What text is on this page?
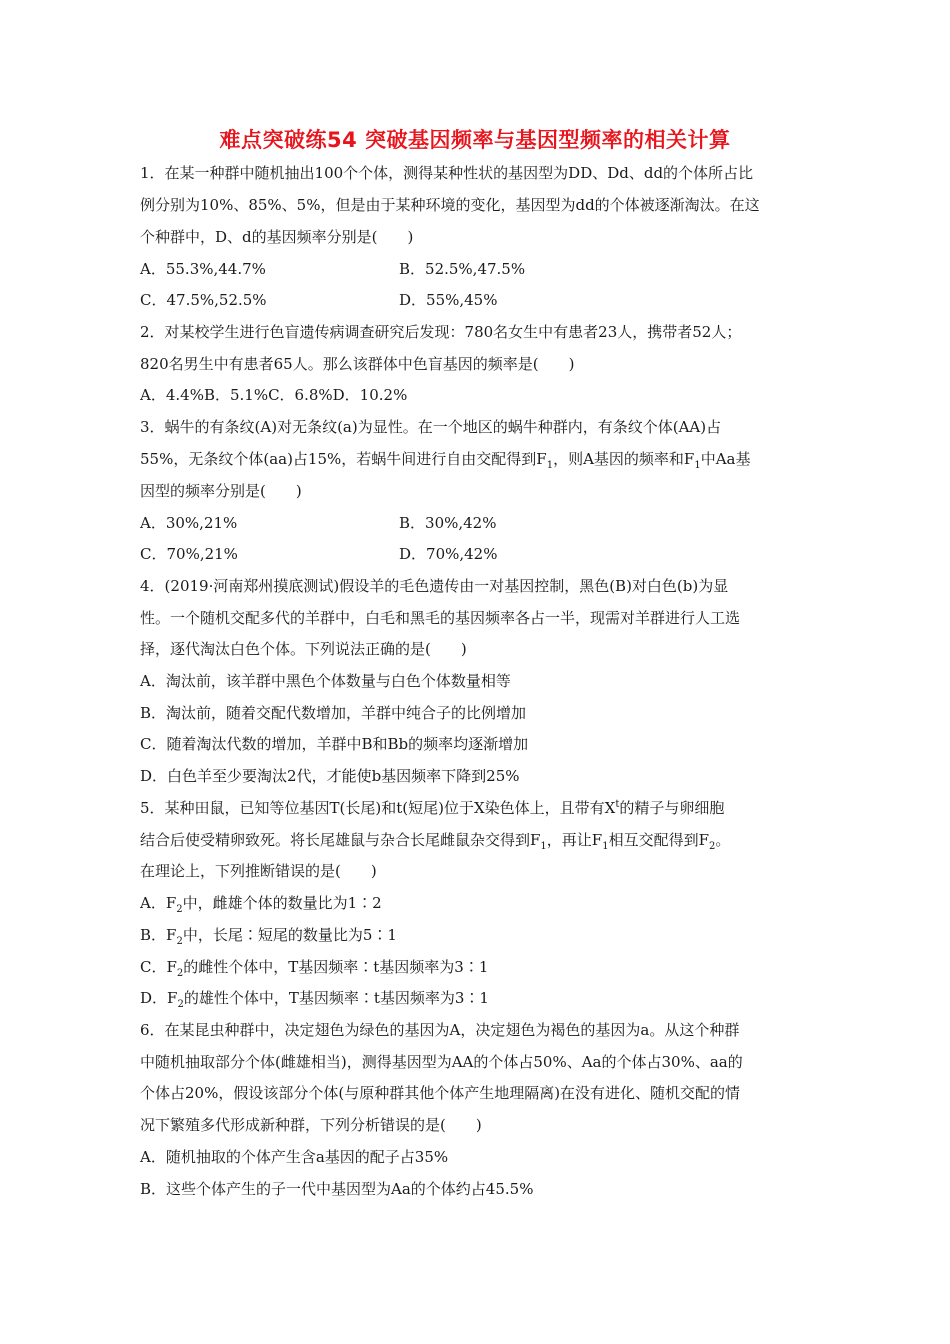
难点突破练54 突破基因频率与基因型频率的相关计算
1．在某一种群中随机抽出100个个体，测得某种性状的基因型为DD、Dd、dd的个体所占比
例分别为10%、85%、5%，但是由于某种环境的变化，基因型为dd的个体被逐渐淘汰。在这
个种群中，D、d的基因频率分别是(　　)
A．55.3%,44.7%	B．52.5%,47.5%
C．47.5%,52.5%	D．55%,45%
2．对某校学生进行色盲遗传病调查研究后发现：780名女生中有患者23人，携带者52人；
820名男生中有患者65人。那么该群体中色盲基因的频率是(　　)
A．4.4%B．5.1%C．6.8%D．10.2%
3．蜗牛的有条纹(A)对无条纹(a)为显性。在一个地区的蜗牛种群内，有条纹个体(AA)占
55%，无条纹个体(aa)占15%，若蜗牛间进行自由交配得到$F_1$，则A基因的频率和$F_1$中Aa基
因型的频率分别是(　　)
A．30%,21%	B．30%,42%
C．70%,21%	D．70%,42%
4．(2019·河南郑州摸底测试)假设羊的毛色遗传由一对基因控制，黑色(B)对白色(b)为显
性。一个随机交配多代的羊群中，白毛和黑毛的基因频率各占一半，现需对羊群进行人工选
择，逐代淘汰白色个体。下列说法正确的是(　　)
A．淘汰前，该羊群中黑色个体数量与白色个体数量相等
B．淘汰前，随着交配代数增加，羊群中纯合子的比例增加
C．随着淘汰代数的增加，羊群中B和Bb的频率均逐渐增加
D．白色羊至少要淘汰2代，才能使b基因频率下降到25%
5．某种田鼠，已知等位基因T(长尾)和t(短尾)位于X染色体上，且带有$X^t$的精子与卵细胞
结合后使受精卵致死。将长尾雄鼠与杂合长尾雌鼠杂交得到$F_1$，再让$F_1$相互交配得到$F_2$。
在理论上，下列推断错误的是(　　)
A．$F_2$中，雌雄个体的数量比为1∶2
B．$F_2$中，长尾∶短尾的数量比为5∶1
C．$F_2$的雌性个体中，T基因频率∶t基因频率为3∶1
D．$F_2$的雄性个体中，T基因频率∶t基因频率为3∶1
6．在某昆虫种群中，决定翅色为绿色的基因为A，决定翅色为褐色的基因为a。从这个种群
中随机抽取部分个体(雌雄相当)，测得基因型为AA的个体占50%、Aa的个体占30%、aa的
个体占20%，假设该部分个体(与原种群其他个体产生地理隔离)在没有进化、随机交配的情
况下繁殖多代形成新种群，下列分析错误的是(　　)
A．随机抽取的个体产生含a基因的配子占35%
B．这些个体产生的子一代中基因型为Aa的个体约占45.5%
